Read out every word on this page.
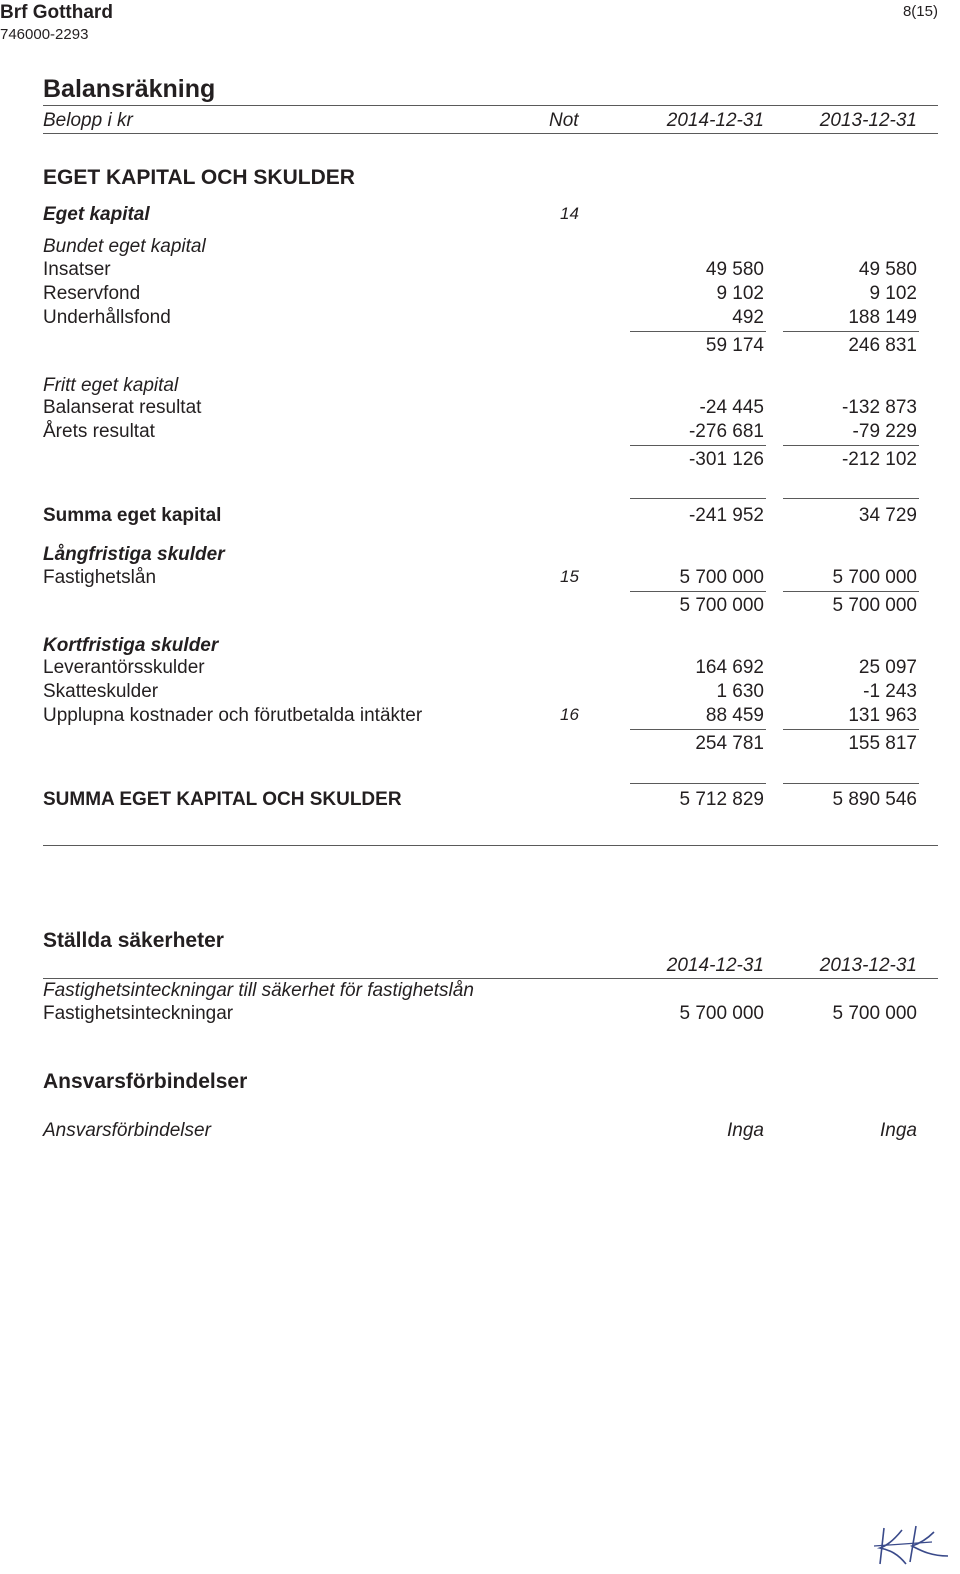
Brf Gotthard
746000-2293
8(15)
Balansräkning
Belopp i kr	Not	2014-12-31	2013-12-31
EGET KAPITAL OCH SKULDER
Eget kapital	14
Bundet eget kapital
Insatser	49 580	49 580
Reservfond	9 102	9 102
Underhållsfond	492	188 149
59 174	246 831
Fritt eget kapital
Balanserat resultat	-24 445	-132 873
Årets resultat	-276 681	-79 229
-301 126	-212 102
Summa eget kapital	-241 952	34 729
Långfristiga skulder
Fastighetslån	15	5 700 000	5 700 000
5 700 000	5 700 000
Kortfristiga skulder
Leverantörsskulder	164 692	25 097
Skatteskulder	1 630	-1 243
Upplupna kostnader och förutbetalda intäkter	16	88 459	131 963
254 781	155 817
SUMMA EGET KAPITAL OCH SKULDER	5 712 829	5 890 546
Ställda säkerheter
2014-12-31	2013-12-31
Fastighetsinteckningar till säkerhet för fastighetslån
Fastighetsinteckningar	5 700 000	5 700 000
Ansvarsförbindelser
Ansvarsförbindelser	Inga	Inga
